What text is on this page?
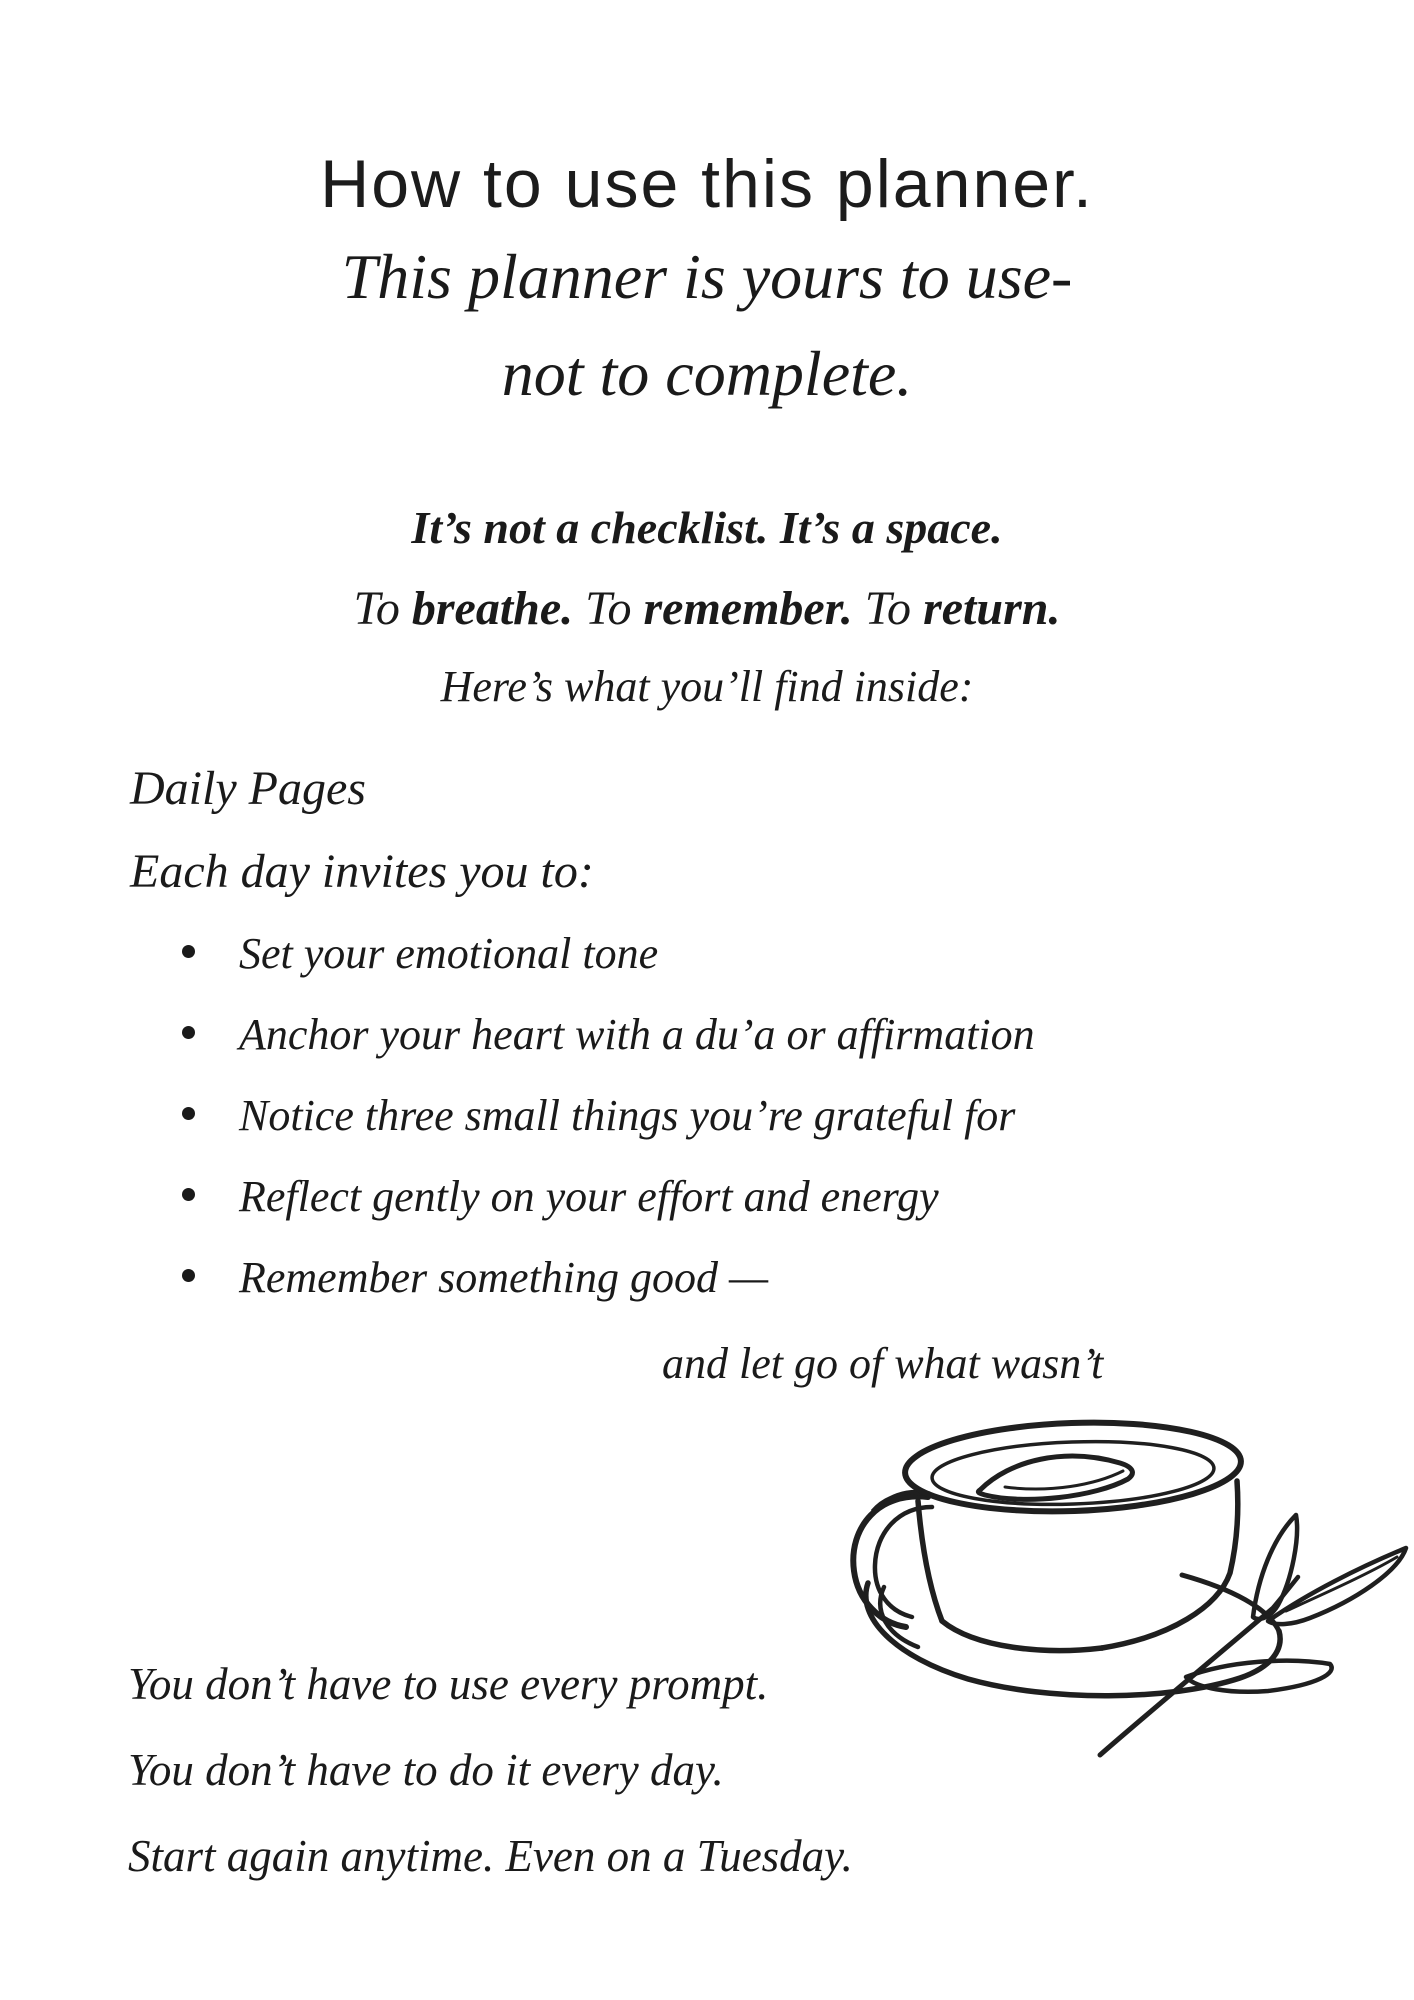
How to use this planner.
This planner is yours to use-
not to complete.
It’s not a checklist. It’s a space.
To breathe. To remember. To return.
Here’s what you’ll find inside:
Daily Pages
Each day invites you to:
Set your emotional tone
Anchor your heart with a du’a or affirmation
Notice three small things you’re grateful for
Reflect gently on your effort and energy
Remember something good —
and let go of what wasn’t
You don’t have to use every prompt.
You don’t have to do it every day.
Start again anytime. Even on a Tuesday.
